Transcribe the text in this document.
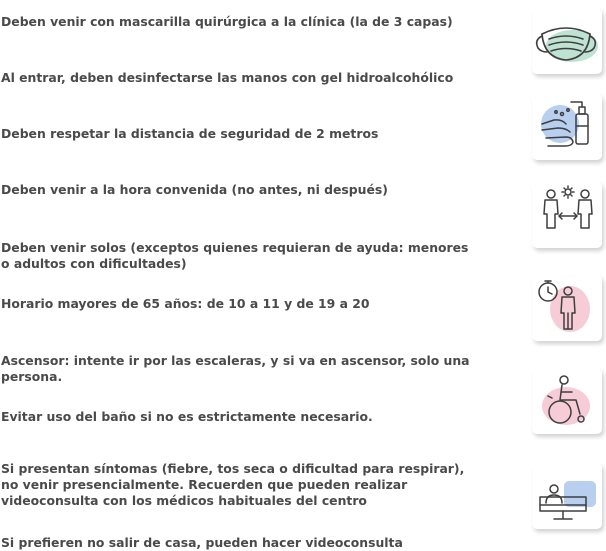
Deben venir con mascarilla quirúrgica a la clínica (la de 3 capas)

Al entrar, deben desinfectarse las manos con gel hidroalcohólico

Deben respetar la distancia de seguridad de 2 metros

Deben venir a la hora convenida (no antes, ni después)

Deben venir solos (exceptos quienes requieran de ayuda: menores o adultos con dificultades)

Horario mayores de 65 años: de 10 a 11 y de 19 a 20

Ascensor: intente ir por las escaleras, y si va en ascensor, solo una persona.

Evitar uso del baño si no es estrictamente necesario.

Si presentan síntomas (fiebre, tos seca o dificultad para respirar), no venir presencialmente. Recuerden que pueden realizar videoconsulta con los médicos habituales del centro

Si prefieren no salir de casa, pueden hacer videoconsulta
